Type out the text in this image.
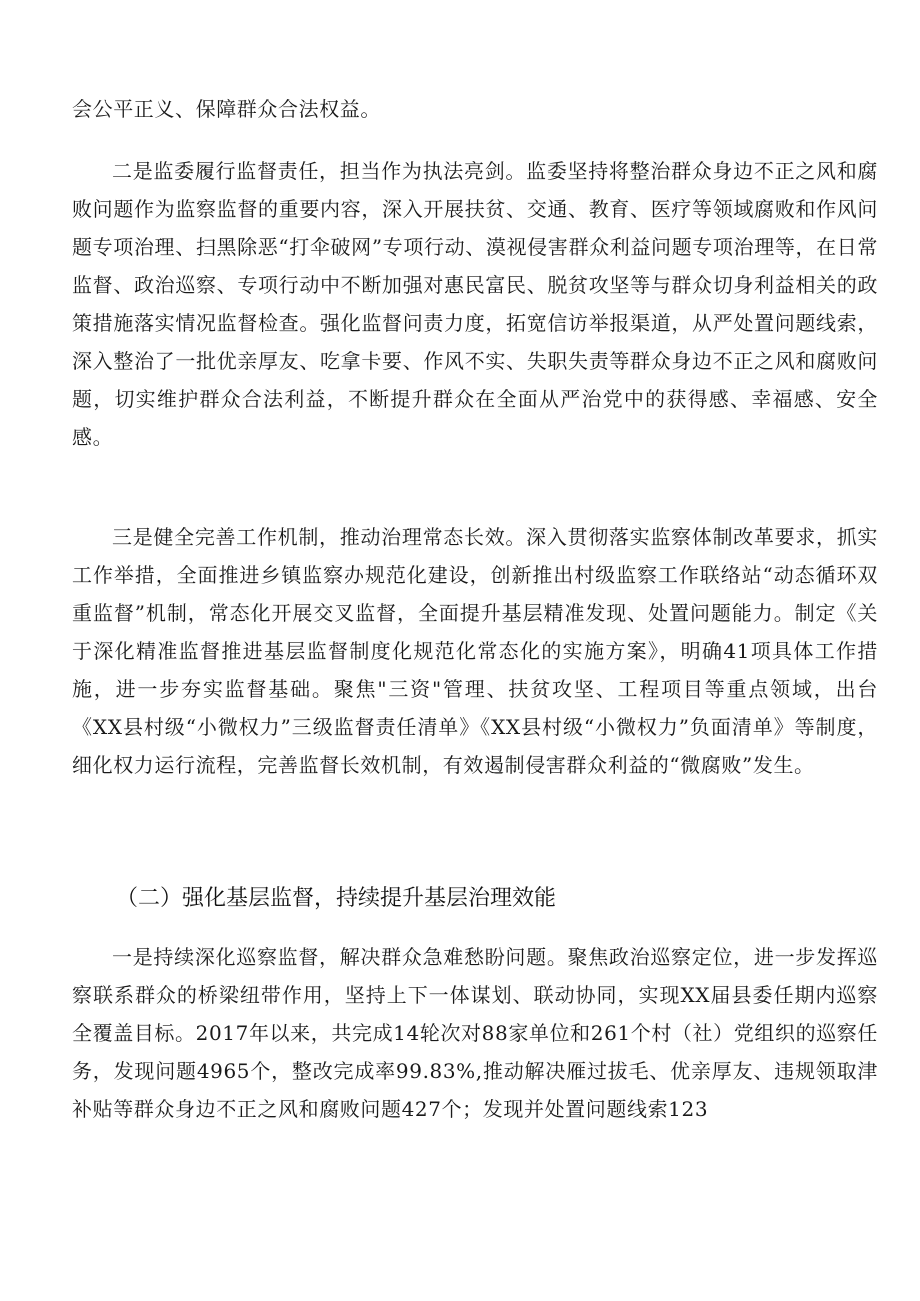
会公平正义、保障群众合法权益。

二是监委履行监督责任，担当作为执法亮剑。监委坚持将整治群众身边不正之风和腐败问题作为监察监督的重要内容，深入开展扶贫、交通、教育、医疗等领域腐败和作风问题专项治理、扫黑除恶“打伞破网”专项行动、漠视侵害群众利益问题专项治理等，在日常监督、政治巡察、专项行动中不断加强对惠民富民、脱贫攻坚等与群众切身利益相关的政策措施落实情况监督检查。强化监督问责力度，拓宽信访举报渠道，从严处置问题线索，深入整治了一批优亲厚友、吃拿卡要、作风不实、失职失责等群众身边不正之风和腐败问题，切实维护群众合法利益，不断提升群众在全面从严治党中的获得感、幸福感、安全感。

三是健全完善工作机制，推动治理常态长效。深入贯彻落实监察体制改革要求，抓实工作举措，全面推进乡镇监察办规范化建设，创新推出村级监察工作联络站“动态循环双重监督”机制，常态化开展交叉监督，全面提升基层精准发现、处置问题能力。制定《关于深化精准监督推进基层监督制度化规范化常态化的实施方案》，明确41项具体工作措施，进一步夯实监督基础。聚焦"三资"管理、扶贫攻坚、工程项目等重点领域，出台《XX县村级“小微权力”三级监督责任清单》《XX县村级“小微权力”负面清单》等制度，细化权力运行流程，完善监督长效机制，有效遏制侵害群众利益的“微腐败”发生。

（二）强化基层监督，持续提升基层治理效能

一是持续深化巡察监督，解决群众急难愁盼问题。聚焦政治巡察定位，进一步发挥巡察联系群众的桥梁纽带作用，坚持上下一体谋划、联动协同，实现XX届县委任期内巡察全覆盖目标。2017年以来，共完成14轮次对88家单位和261个村（社）党组织的巡察任务，发现问题4965个，整改完成率99.83%,推动解决雁过拔毛、优亲厚友、违规领取津补贴等群众身边不正之风和腐败问题427个；发现并处置问题线索123
